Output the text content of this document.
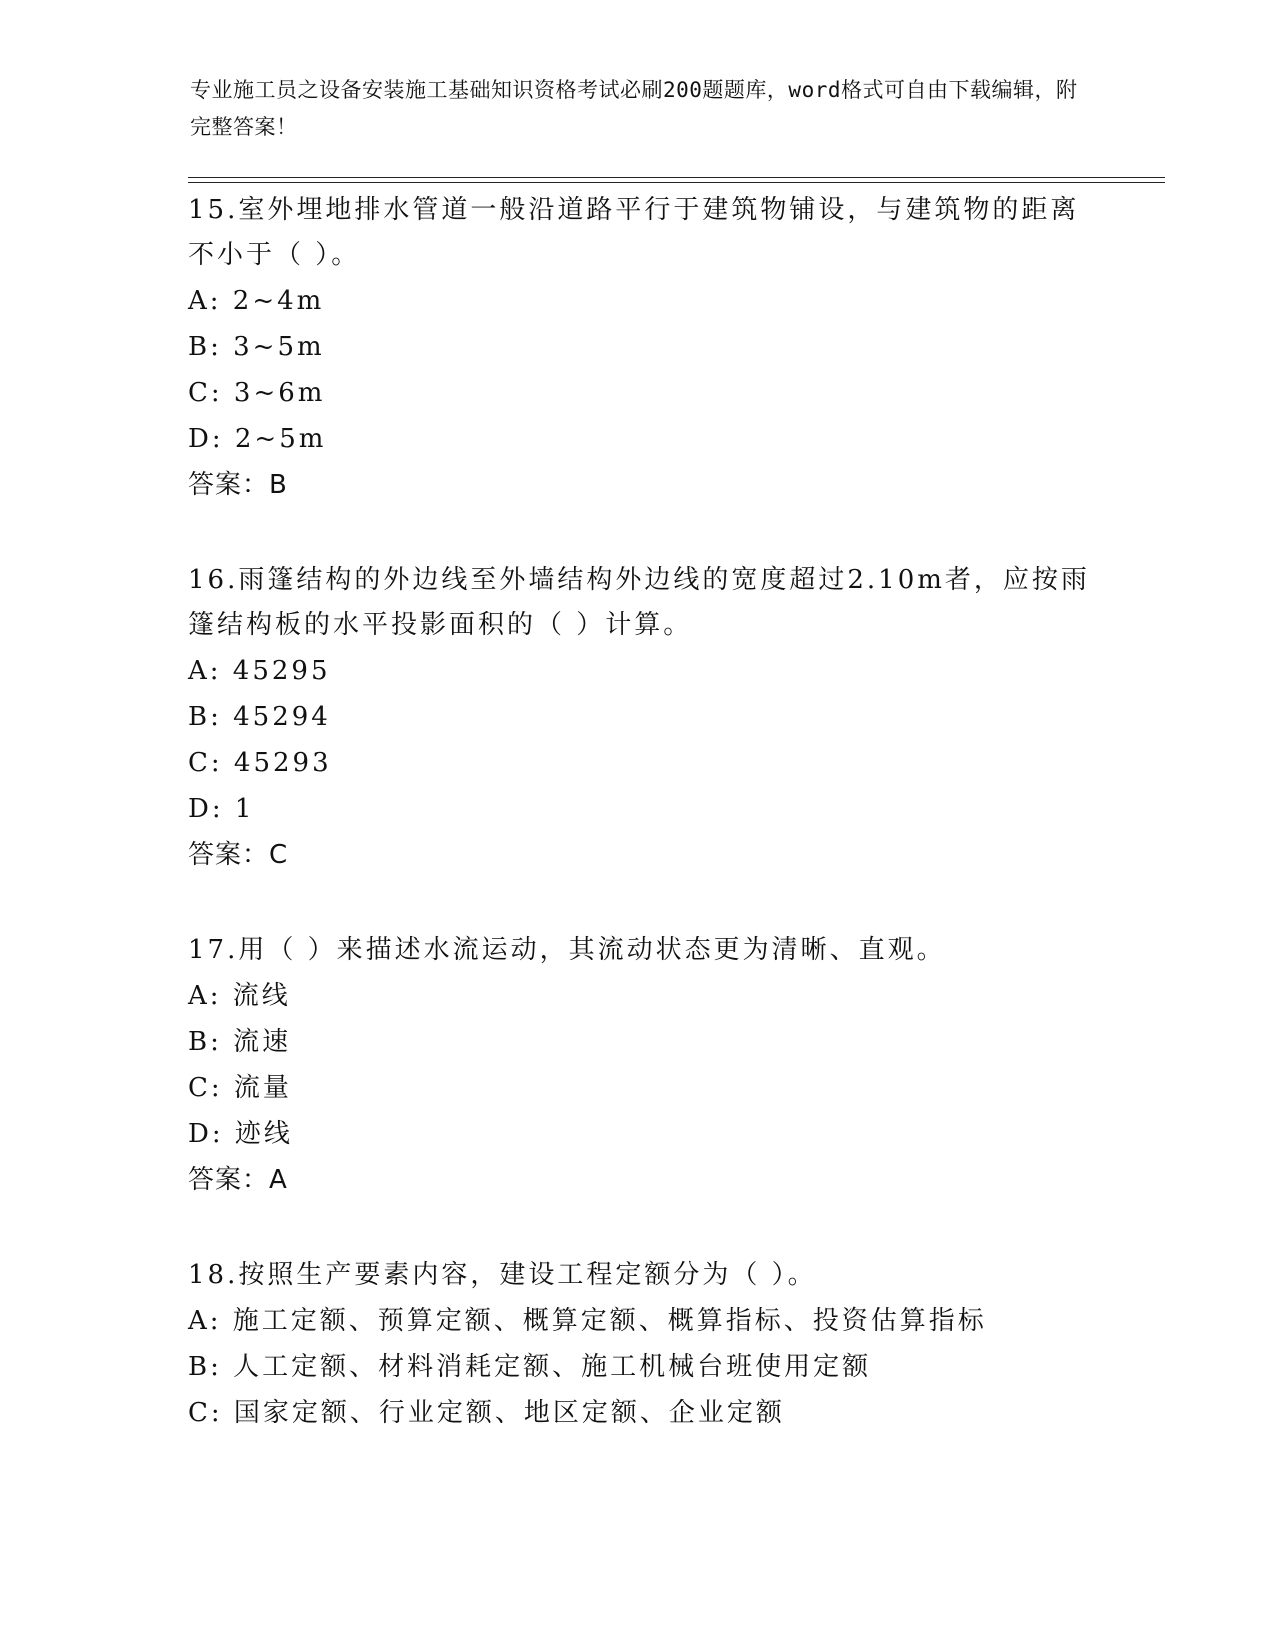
专业施工员之设备安装施工基础知识资格考试必刷200题题库，word格式可自由下载编辑，附完整答案！
15.室外埋地排水管道一般沿道路平行于建筑物铺设，与建筑物的距离不小于（ ）。
A: 2~4m
B: 3~5m
C: 3~6m
D: 2~5m
答案：B
16.雨篷结构的外边线至外墙结构外边线的宽度超过2.10m者，应按雨篷结构板的水平投影面积的（ ）计算。
A: 45295
B: 45294
C: 45293
D: 1
答案：C
17.用（ ）来描述水流运动，其流动状态更为清晰、直观。
A: 流线
B: 流速
C: 流量
D: 迹线
答案：A
18.按照生产要素内容，建设工程定额分为（ ）。
A: 施工定额、预算定额、概算定额、概算指标、投资估算指标
B: 人工定额、材料消耗定额、施工机械台班使用定额
C: 国家定额、行业定额、地区定额、企业定额
